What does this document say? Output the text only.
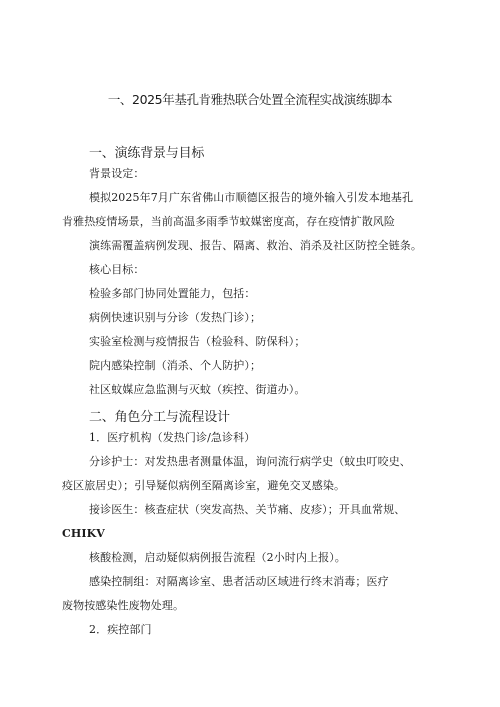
一、2025年基孔肯雅热联合处置全流程实战演练脚本
一、演练背景与目标

背景设定：

模拟2025年7月广东省佛山市顺德区报告的境外输入引发本地基孔

肯雅热疫情场景，当前高温多雨季节蚊媒密度高，存在疫情扩散风险

演练需覆盖病例发现、报告、隔离、救治、消杀及社区防控全链条。

核心目标：

检验多部门协同处置能力，包括：

病例快速识别与分诊（发热门诊）；

实验室检测与疫情报告（检验科、防保科）；

院内感染控制（消杀、个人防护）；

社区蚊媒应急监测与灭蚊（疾控、街道办）。

二、角色分工与流程设计

1．医疗机构（发热门诊/急诊科）

分诊护士：对发热患者测量体温，询问流行病学史（蚊虫叮咬史、

疫区旅居史）；引导疑似病例至隔离诊室，避免交叉感染。

接诊医生：核查症状（突发高热、关节痛、皮疹）；开具血常规、

CHIKV

核酸检测，启动疑似病例报告流程（2小时内上报）。

感染控制组：对隔离诊室、患者活动区域进行终末消毒；医疗

废物按感染性废物处理。

2．疾控部门
